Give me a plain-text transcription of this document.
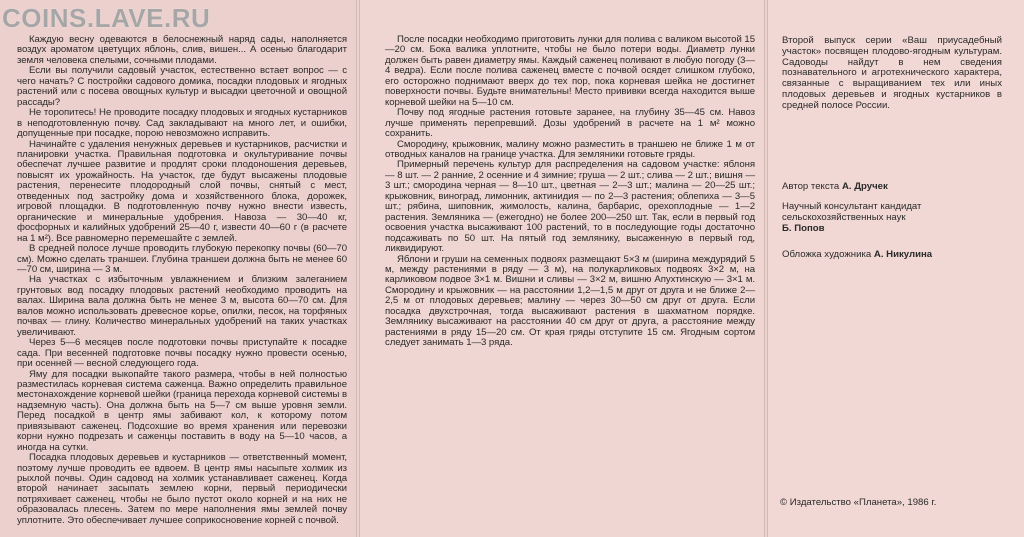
Каждую весну одеваются в белоснежный наряд сады, наполняется воздух ароматом цветущих яблонь, слив, вишен... А осенью благодарит земля человека спелыми, сочными плодами.

Если вы получили садовый участок, естественно встает вопрос — с чего начать? С постройки садового домика, посадки плодовых и ягодных растений или с посева овощных культур и высадки цветочной и овощной рассады?

Не торопитесь! Не проводите посадку плодовых и ягодных кустарников в неподготовленную почву. Сад закладывают на много лет, и ошибки, допущенные при посадке, порою невозможно исправить.

Начинайте с удаления ненужных деревьев и кустарников, расчистки и планировки участка. Правильная подготовка и окультуривание почвы обеспечат лучшее развитие и продлят сроки плодоношения деревьев, повысят их урожайность. На участок, где будут высажены плодовые растения, перенесите плодородный слой почвы, снятый с мест, отведенных под застройку дома и хозяйственного блока, дорожек, игровой площадки. В подготовленную почву нужно внести известь, органические и минеральные удобрения. Навоза — 30—40 кг, фосфорных и калийных удобрений 25—40 г, извести 40—60 г (в расчете на 1 м²). Все равномерно перемешайте с землей.

В средней полосе лучше проводить глубокую перекопку почвы (60—70 см). Можно сделать траншеи. Глубина траншеи должна быть не менее 60—70 см, ширина — 3 м.

На участках с избыточным увлажнением и близким залеганием грунтовых вод посадку плодовых растений необходимо проводить на валах. Ширина вала должна быть не менее 3 м, высота 60—70 см. Для валов можно использовать древесное корье, опилки, песок, на торфяных почвах — глину. Количество минеральных удобрений на таких участках увеличивают.

Через 5—6 месяцев после подготовки почвы приступайте к посадке сада. При весенней подготовке почвы посадку нужно провести осенью, при осенней — весной следующего года.

Яму для посадки выкопайте такого размера, чтобы в ней полностью разместилась корневая система саженца. Важно определить правильное местонахождение корневой шейки (граница перехода корневой системы в надземную часть). Она должна быть на 5—7 см выше уровня земли. Перед посадкой в центр ямы забивают кол, к которому потом привязывают саженец. Подсохшие во время хранения или перевозки корни нужно подрезать и саженцы поставить в воду на 5—10 часов, а иногда на сутки.

Посадка плодовых деревьев и кустарников — ответственный момент, поэтому лучше проводить ее вдвоем. В центр ямы насыпьте холмик из рыхлой почвы. Один садовод на холмик устанавливает саженец. Когда второй начинает засыпать землею корни, первый периодически потряхивает саженец, чтобы не было пустот около корней и на них не образовалась плесень. Затем по мере наполнения ямы землей почву уплотните. Это обеспечивает лучшее соприкосновение корней с почвой.

После посадки необходимо приготовить лунки для полива с валиком высотой 15—20 см. Бока валика уплотните, чтобы не было потери воды. Диаметр лунки должен быть равен диаметру ямы. Каждый саженец поливают в любую погоду (3—4 ведра). Если после полива саженец вместе с почвой осядет слишком глубоко, его осторожно поднимают вверх до тех пор, пока корневая шейка не достигнет поверхности почвы. Будьте внимательны! Место прививки всегда находится выше корневой шейки на 5—10 см.

Почву под ягодные растения готовьте заранее, на глубину 35—45 см. Навоз лучше применять перепревший. Дозы удобрений в расчете на 1 м² можно сохранить.

Смородину, крыжовник, малину можно разместить в траншею не ближе 1 м от отводных каналов на границе участка. Для земляники готовьте гряды.

Примерный перечень культур для распределения на садовом участке: яблоня — 8 шт. — 2 ранние, 2 осенние и 4 зимние; груша — 2 шт.; слива — 2 шт.; вишня — 3 шт.; смородина черная — 8—10 шт., цветная — 2—3 шт.; малина — 20—25 шт.; крыжовник, виноград, лимонник, актинидия — по 2—3 растения; облепиха — 3—5 шт.; рябина, шиповник, жимолость, калина, барбарис, орехоплодные — 1—2 растения. Земляника — (ежегодно) не более 200—250 шт. Так, если в первый год освоения участка высаживают 100 растений, то в последующие годы достаточно подсаживать по 50 шт. На пятый год землянику, высаженную в первый год, ликвидируют.

Яблони и груши на семенных подвоях размещают 5×3 м (ширина междурядий 5 м, между растениями в ряду — 3 м), на полукарликовых подвоях 3×2 м, на карликовом подвое 3×1 м. Вишни и сливы — 3×2 м, вишню Апухтинскую — 3×1 м. Смородину и крыжовник — на расстоянии 1,2—1,5 м друг от друга и не ближе 2—2,5 м от плодовых деревьев; малину — через 30—50 см друг от друга. Если посадка двухстрочная, тогда высаживают растения в шахматном порядке. Землянику высаживают на расстоянии 40 см друг от друга, а расстояние между растениями в ряду 15—20 см. От края гряды отступите 15 см. Ягодным сортом следует занимать 1—3 ряда.

Второй выпуск серии «Ваш приусадебный участок» посвящен плодово-ягодным культурам. Садоводы найдут в нем сведения познавательного и агротехнического характера, связанные с выращиванием тех или иных плодовых деревьев и ягодных кустарников в средней полосе России.
Автор текста А. Дручек
Научный консультант кандидат сельскохозяйственных наук
Б. Попов
Обложка художника А. Никулина
© Издательство «Планета», 1986 г.
COINS.LAVE.RU
